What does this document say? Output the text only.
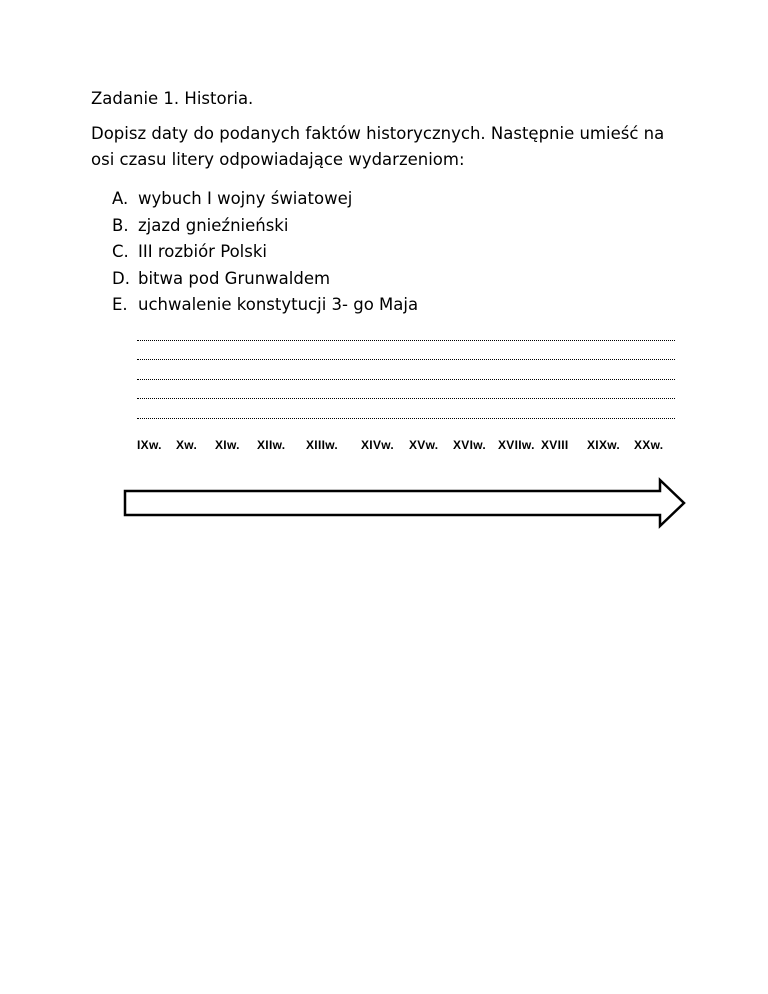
Zadanie 1. Historia.

Dopisz daty do podanych faktów historycznych. Następnie umieść na osi czasu litery odpowiadające wydarzeniom:

A. wybuch I wojny światowej
B. zjazd gnieźnieński
C. III rozbiór Polski
D. bitwa pod Grunwaldem
E. uchwalenie konstytucji 3- go Maja
IXw. Xw. XIw. XIIw. XIIIw. XIVw. XVw. XVIw. XVIIw. XVIII XIXw. XXw.
